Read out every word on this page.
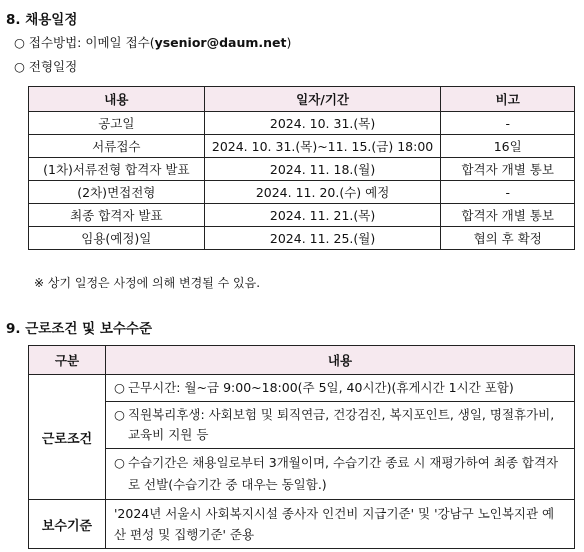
8. 채용일정
○ 접수방법: 이메일 접수(ysenior@daum.net)
○ 전형일정
내용	일자/기간	비고
공고일	2024. 10. 31.(목)	-
서류접수	2024. 10. 31.(목)~11. 15.(금) 18:00	16일
(1차)서류전형 합격자 발표	2024. 11. 18.(월)	합격자 개별 통보
(2차)면접전형	2024. 11. 20.(수) 예정	-
최종 합격자 발표	2024. 11. 21.(목)	합격자 개별 통보
임용(예정)일	2024. 11. 25.(월)	협의 후 확정
※ 상기 일정은 사정에 의해 변경될 수 있음.
9. 근로조건 및 보수수준
구분	내용
근로조건	○ 근무시간: 월~금 9:00~18:00(주 5일, 40시간)(휴게시간 1시간 포함)

	○ 직원복리후생: 사회보험 및 퇴직연금, 건강검진, 복지포인트, 생일, 명절휴가비, 교육비 지원 등

	○ 수습기간은 채용일로부터 3개월이며, 수습기간 종료 시 재평가하여 최종 합격자로 선발(수습기간 중 대우는 동일함.)

보수기준	'2024년 서울시 사회복지시설 종사자 인건비 지급기준' 및 '강남구 노인복지관 예산 편성 및 집행기준' 준용
